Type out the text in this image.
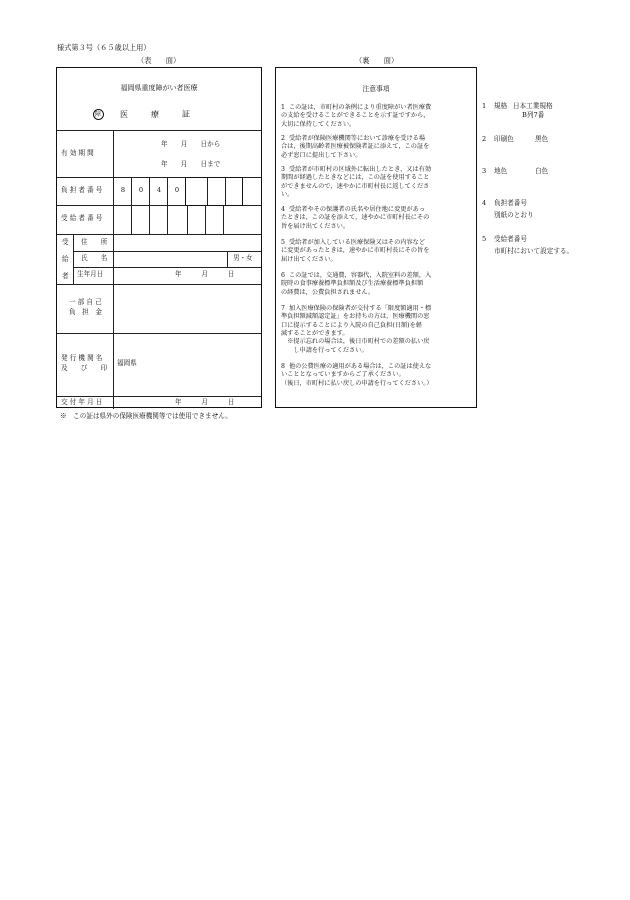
様式第３号（６５歳以上用）
（表　　面）	（裏　　面）
福岡県重度障がい者医療
障 医	療	証
有 効 期 間
年　　月　　日から
年　　月　　日まで
負 担 者 番 号	8	0	4	0
受 給 者 番 号
受
給
者
住　　所
氏　　名	男・女
生年月日	年　　　月　　　日
一 部 自 己
負　担　金
発 行 機 関 名
及　　び　　印
福岡県
交 付 年 月 日	年　　　月　　　日
注意事項
1 この証は，市町村の条例により重度障がい者医療費

の支給を受けることができることを示す証ですから，
大切に保持してください。
2 受給者が保険医療機関等において診療を受ける場

合は，後期高齢者医療被保険者証に添えて，この証を
必ず窓口に提出して下さい。
3 受給者が市町村の区域外に転出したとき，又は有効

期間が経過したときなどには，この証を使用すること
ができませんので，速やかに市町村長に返してくださ
い。
4 受給者やその保護者の氏名や居住地に変更があっ

たときは，この証を添えて，速やかに市町村長にその
旨を届け出てください。
5 受給者が加入している医療保険又はその内容など

に変更があったときは，速やかに市町村長にその旨を
届け出てください。
6 この証では，交通費，容器代，入院室料の差額，入

院時の食事療養標準負担額及び生活療養標準負担額
の経費は，公費負担されません。
7 加入医療保険の保険者が交付する「限度額適用・標

準負担額減額認定証」をお持ちの方は，医療機関の窓
口に提示することにより入院の自己負担(日額)を軽
減することができます。
　※提示忘れの場合は，後日市町村での差額の払い戻
　　し申請を行ってください。
8 他の公費医療の適用がある場合は，この証は使えな

いこととなっていますからご了承ください。
（後日，市町村に払い戻しの申請を行ってください。）
1 規格 日本工業規格
B列7番
2 印刷色	黒色
3 地色	白色
4 負担者番号
別紙のとおり
5 受給者番号
市町村において設定する。
※　この証は県外の保険医療機関等では使用できません。
